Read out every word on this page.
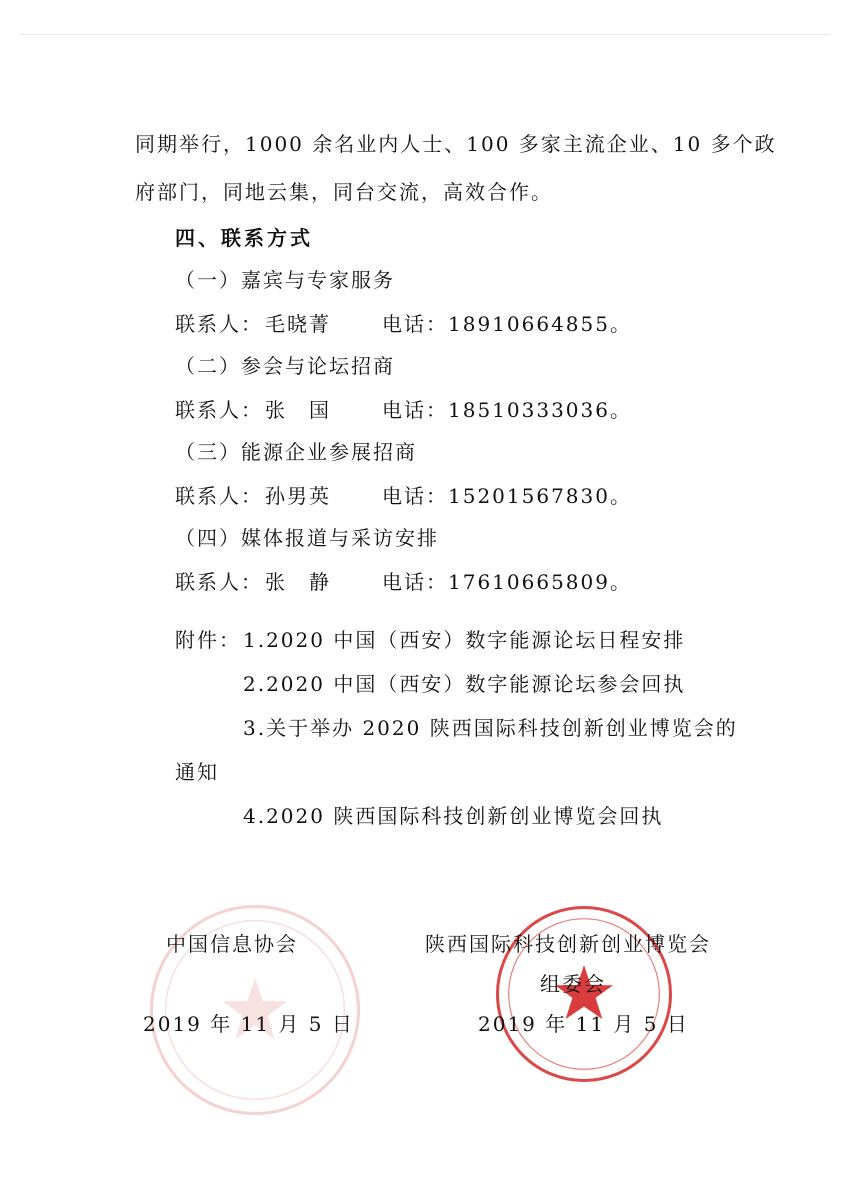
同期举行，1000 余名业内人士、100 多家主流企业、10 多个政
府部门，同地云集，同台交流，高效合作。
四、联系方式
（一）嘉宾与专家服务
联系人： 毛晓菁	电话：18910664855。
（二）参会与论坛招商
联系人： 张　国	电话：18510333036。
（三）能源企业参展招商
联系人： 孙男英	电话：15201567830。
（四）媒体报道与采访安排
联系人： 张　静	电话：17610665809。
附件： 1.2020 中国（西安）数字能源论坛日程安排
2.2020 中国（西安）数字能源论坛参会回执
3.关于举办 2020 陕西国际科技创新创业博览会的
通知
4.2020 陕西国际科技创新创业博览会回执
中国信息协会
2019 年 11 月 5 日
陕西国际科技创新创业博览会
组委会
2019 年 11 月 5 日
